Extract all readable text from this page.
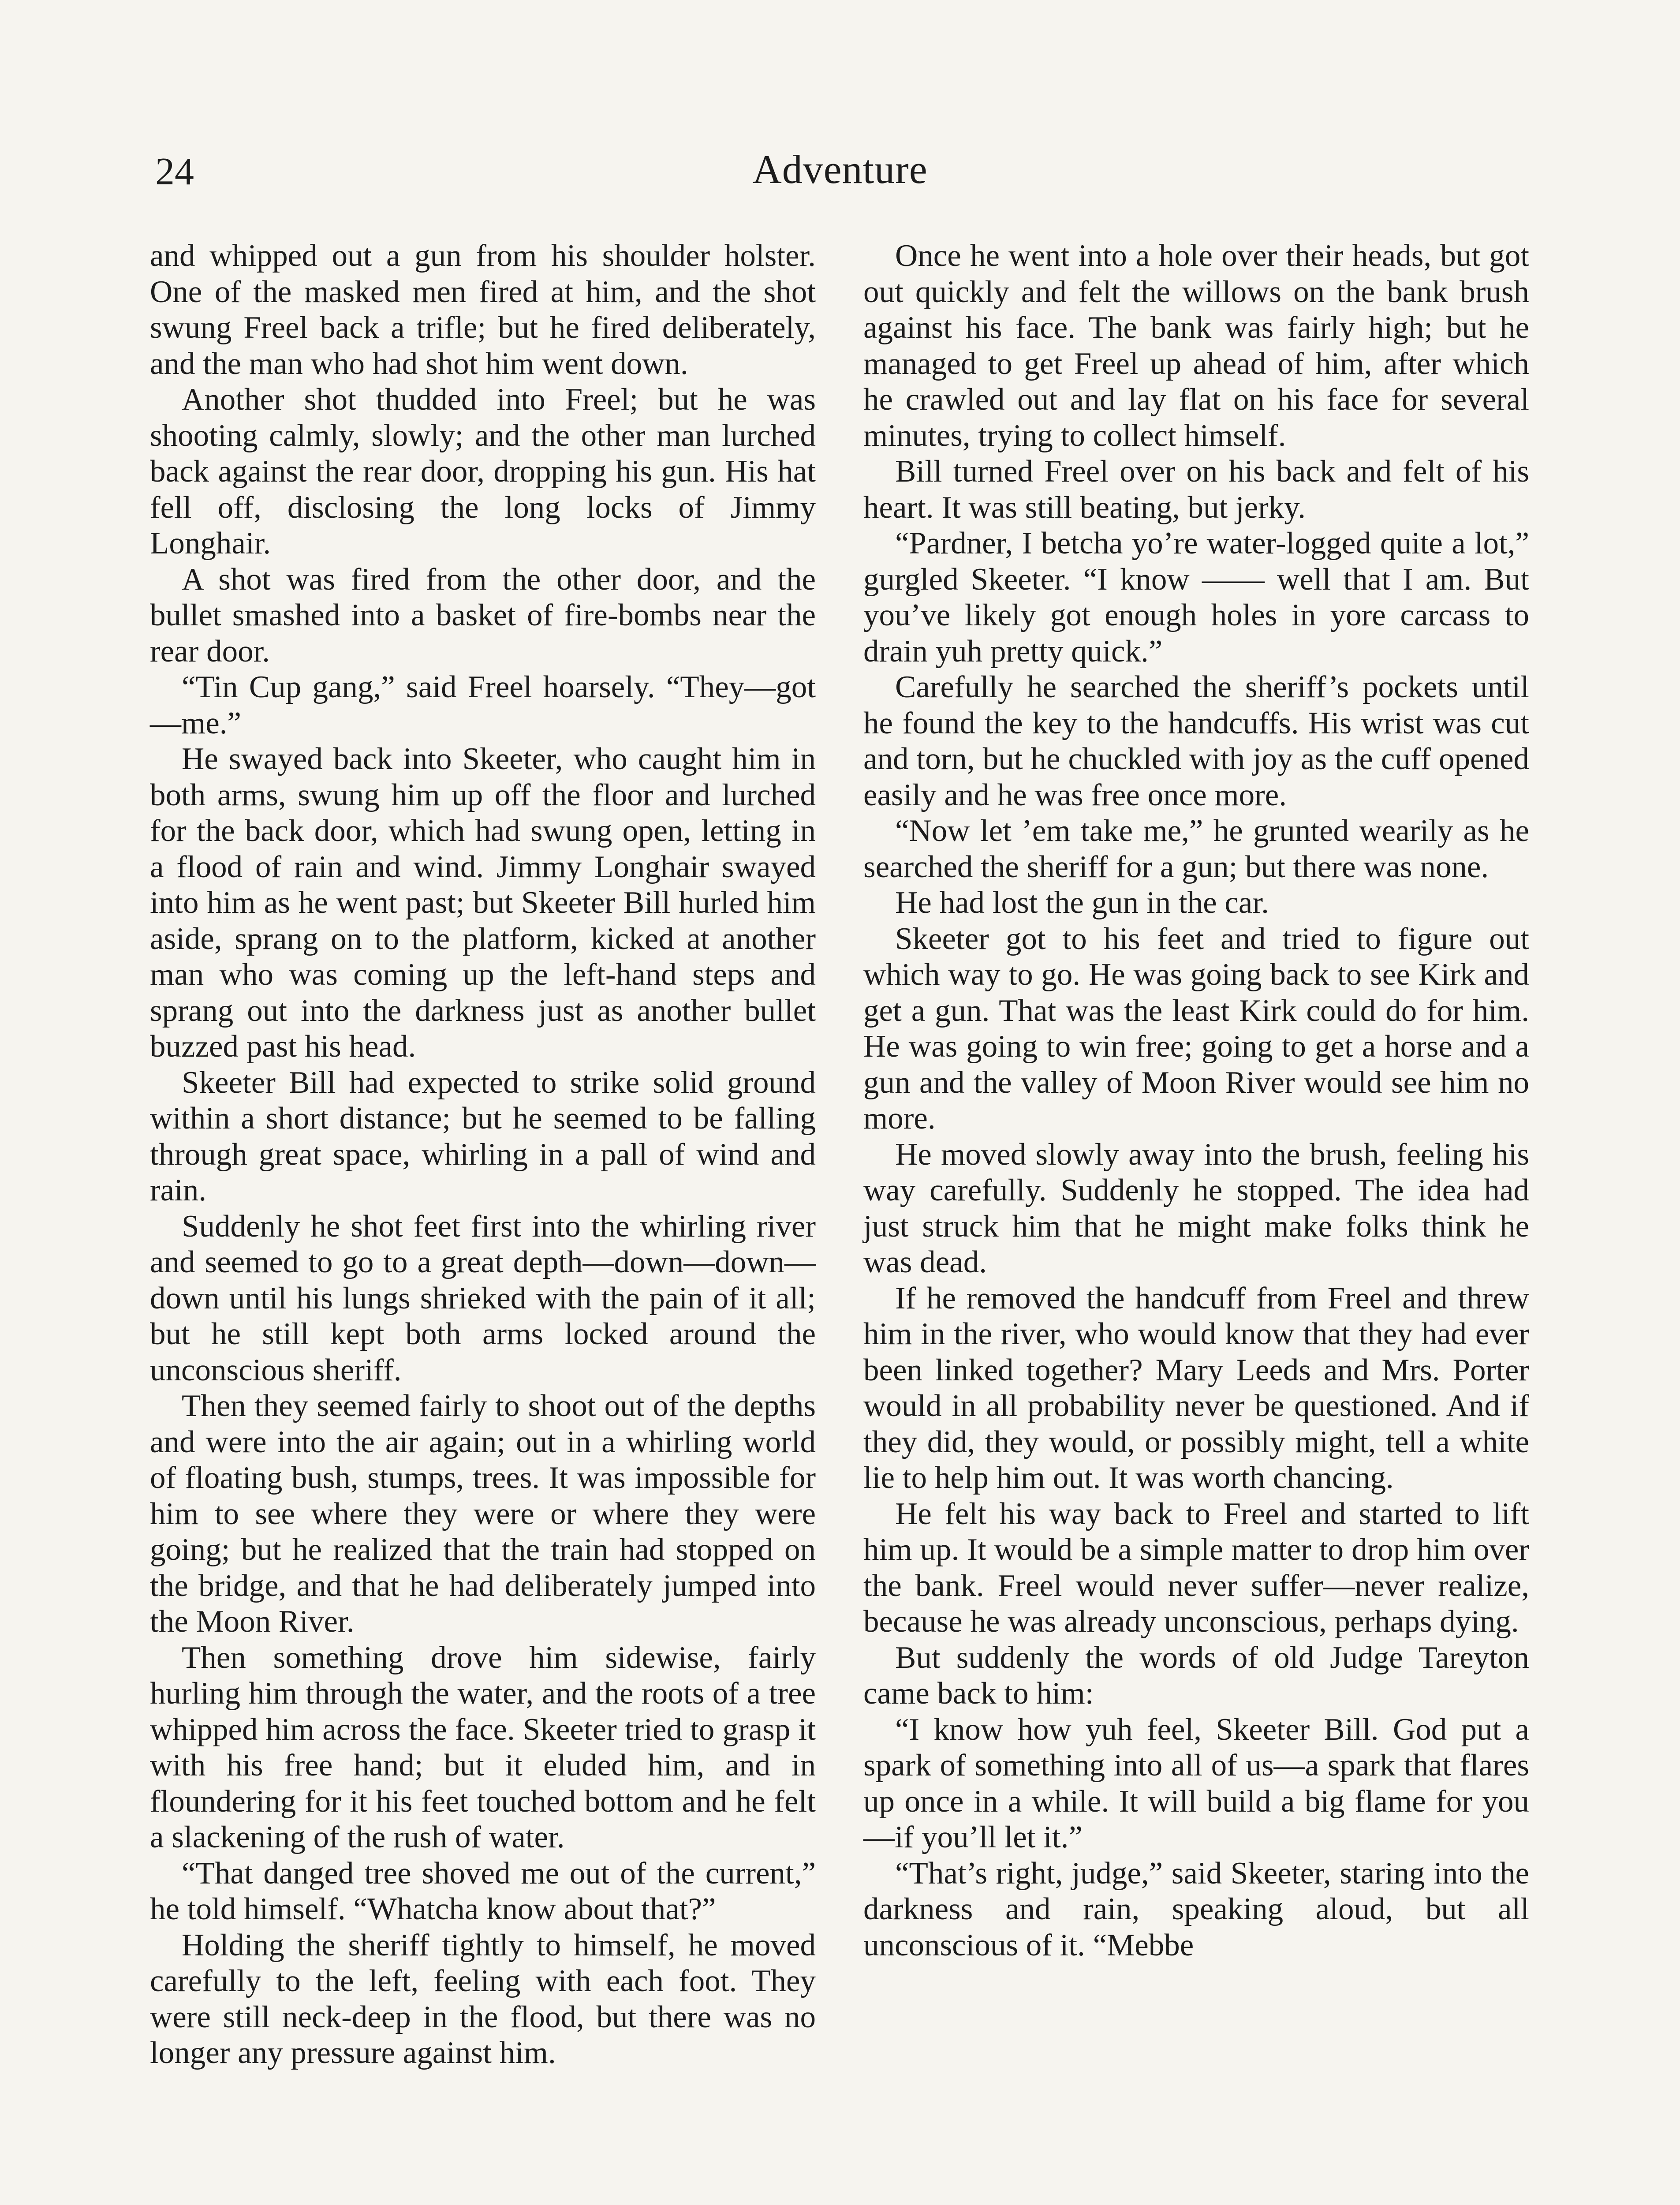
24	Adventure

and whipped out a gun from his shoulder holster. One of the masked men fired at him, and the shot swung Freel back a trifle; but he fired deliberately, and the man who had shot him went down.

Another shot thudded into Freel; but he was shooting calmly, slowly; and the other man lurched back against the rear door, dropping his gun. His hat fell off, disclosing the long locks of Jimmy Longhair.

A shot was fired from the other door, and the bullet smashed into a basket of fire-bombs near the rear door.

“Tin Cup gang,” said Freel hoarsely. “They—got—me.”

He swayed back into Skeeter, who caught him in both arms, swung him up off the floor and lurched for the back door, which had swung open, letting in a flood of rain and wind. Jimmy Longhair swayed into him as he went past; but Skeeter Bill hurled him aside, sprang on to the platform, kicked at another man who was coming up the left-hand steps and sprang out into the darkness just as another bullet buzzed past his head.

Skeeter Bill had expected to strike solid ground within a short distance; but he seemed to be falling through great space, whirling in a pall of wind and rain.

Suddenly he shot feet first into the whirling river and seemed to go to a great depth—down—down—down until his lungs shrieked with the pain of it all; but he still kept both arms locked around the unconscious sheriff.

Then they seemed fairly to shoot out of the depths and were into the air again; out in a whirling world of floating bush, stumps, trees. It was impossible for him to see where they were or where they were going; but he realized that the train had stopped on the bridge, and that he had deliberately jumped into the Moon River.

Then something drove him sidewise, fairly hurling him through the water, and the roots of a tree whipped him across the face. Skeeter tried to grasp it with his free hand; but it eluded him, and in floundering for it his feet touched bottom and he felt a slackening of the rush of water.

“That danged tree shoved me out of the current,” he told himself. “Whatcha know about that?”

Holding the sheriff tightly to himself, he moved carefully to the left, feeling with each foot. They were still neck-deep in the flood, but there was no longer any pressure against him.

Once he went into a hole over their heads, but got out quickly and felt the willows on the bank brush against his face. The bank was fairly high; but he managed to get Freel up ahead of him, after which he crawled out and lay flat on his face for several minutes, trying to collect himself.

Bill turned Freel over on his back and felt of his heart. It was still beating, but jerky.

“Pardner, I betcha yo’re water-logged quite a lot,” gurgled Skeeter. “I know —— well that I am. But you’ve likely got enough holes in yore carcass to drain yuh pretty quick.”

Carefully he searched the sheriff’s pockets until he found the key to the handcuffs. His wrist was cut and torn, but he chuckled with joy as the cuff opened easily and he was free once more.

“Now let ’em take me,” he grunted wearily as he searched the sheriff for a gun; but there was none.

He had lost the gun in the car.

Skeeter got to his feet and tried to figure out which way to go. He was going back to see Kirk and get a gun. That was the least Kirk could do for him. He was going to win free; going to get a horse and a gun and the valley of Moon River would see him no more.

He moved slowly away into the brush, feeling his way carefully. Suddenly he stopped. The idea had just struck him that he might make folks think he was dead.

If he removed the handcuff from Freel and threw him in the river, who would know that they had ever been linked together? Mary Leeds and Mrs. Porter would in all probability never be questioned. And if they did, they would, or possibly might, tell a white lie to help him out. It was worth chancing.

He felt his way back to Freel and started to lift him up. It would be a simple matter to drop him over the bank. Freel would never suffer—never realize, because he was already unconscious, perhaps dying.

But suddenly the words of old Judge Tareyton came back to him:

“I know how yuh feel, Skeeter Bill. God put a spark of something into all of us—a spark that flares up once in a while. It will build a big flame for you—if you’ll let it.”

“That’s right, judge,” said Skeeter, staring into the darkness and rain, speaking aloud, but all unconscious of it. “Mebbe
